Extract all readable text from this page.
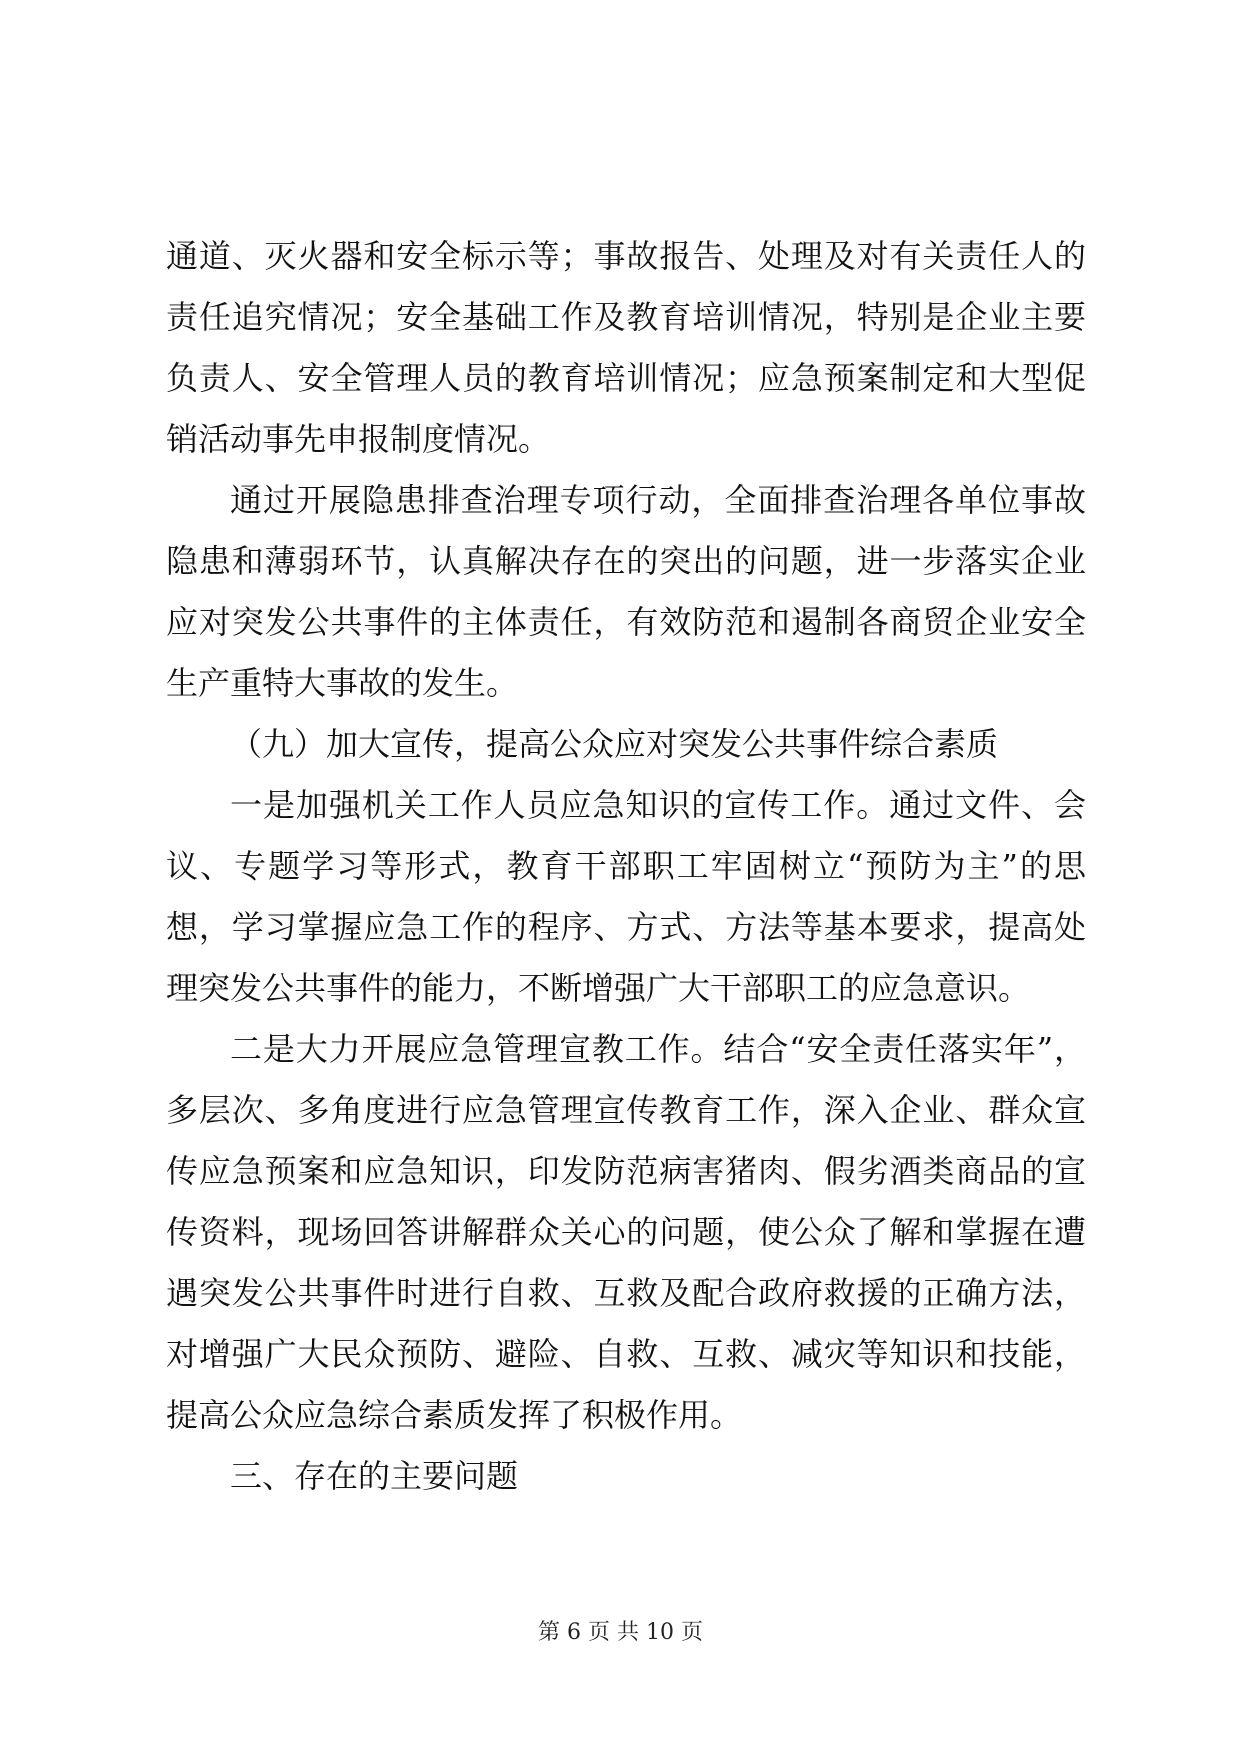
通道、灭火器和安全标示等；事故报告、处理及对有关责任人的
责任追究情况；安全基础工作及教育培训情况，特别是企业主要
负责人、安全管理人员的教育培训情况；应急预案制定和大型促
销活动事先申报制度情况。
通过开展隐患排查治理专项行动，全面排查治理各单位事故
隐患和薄弱环节，认真解决存在的突出的问题，进一步落实企业
应对突发公共事件的主体责任，有效防范和遏制各商贸企业安全
生产重特大事故的发生。
（九）加大宣传，提高公众应对突发公共事件综合素质
一是加强机关工作人员应急知识的宣传工作。通过文件、会
议、专题学习等形式，教育干部职工牢固树立“预防为主”的思
想，学习掌握应急工作的程序、方式、方法等基本要求，提高处
理突发公共事件的能力，不断增强广大干部职工的应急意识。
二是大力开展应急管理宣教工作。结合“安全责任落实年”，
多层次、多角度进行应急管理宣传教育工作，深入企业、群众宣
传应急预案和应急知识，印发防范病害猪肉、假劣酒类商品的宣
传资料，现场回答讲解群众关心的问题，使公众了解和掌握在遭
遇突发公共事件时进行自救、互救及配合政府救援的正确方法，
对增强广大民众预防、避险、自救、互救、减灾等知识和技能，
提高公众应急综合素质发挥了积极作用。
三、存在的主要问题
第 6 页 共 10 页
